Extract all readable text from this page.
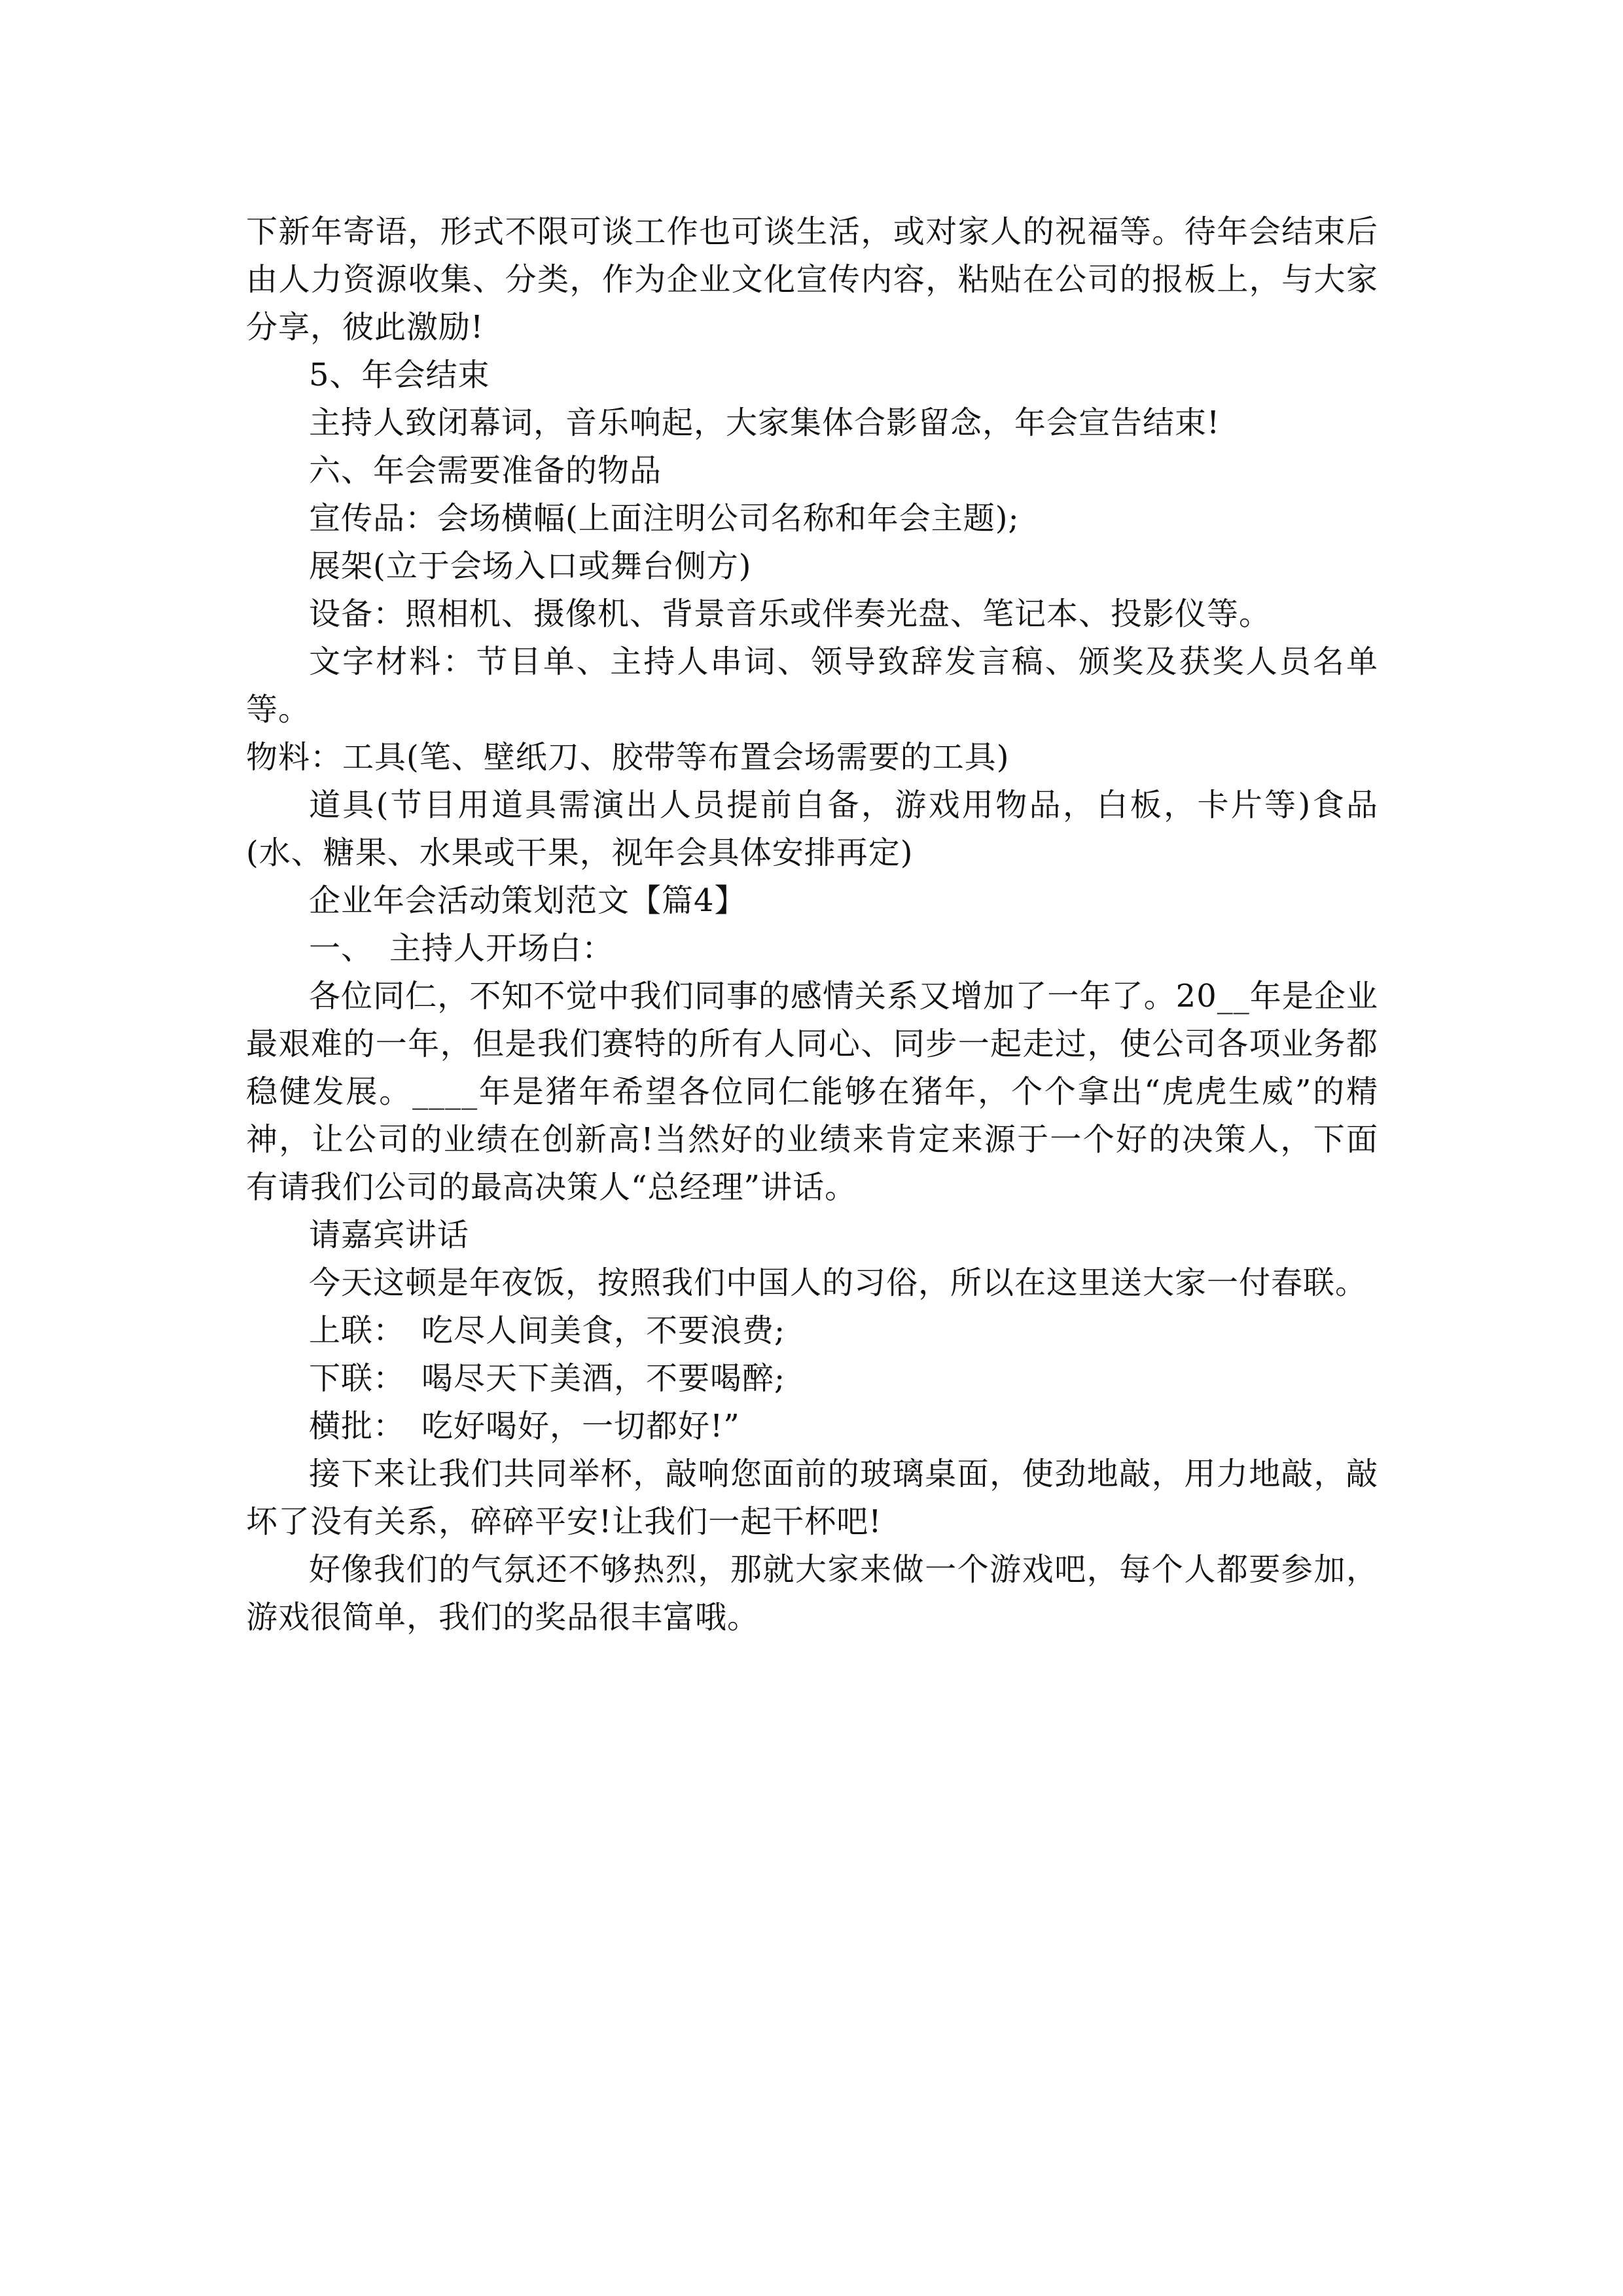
下新年寄语，形式不限可谈工作也可谈生活，或对家人的祝福等。待年会结束后由人力资源收集、分类，作为企业文化宣传内容，粘贴在公司的报板上，与大家分享，彼此激励!

5、年会结束

主持人致闭幕词，音乐响起，大家集体合影留念，年会宣告结束!

六、年会需要准备的物品

宣传品：会场横幅(上面注明公司名称和年会主题);

展架(立于会场入口或舞台侧方)

设备：照相机、摄像机、背景音乐或伴奏光盘、笔记本、投影仪等。

文字材料：节目单、主持人串词、领导致辞发言稿、颁奖及获奖人员名单等。

物料：工具(笔、壁纸刀、胶带等布置会场需要的工具)

道具(节目用道具需演出人员提前自备，游戏用物品，白板，卡片等)食品(水、糖果、水果或干果，视年会具体安排再定)

企业年会活动策划范文【篇4】

一、　主持人开场白：

各位同仁，不知不觉中我们同事的感情关系又增加了一年了。20__年是企业最艰难的一年，但是我们赛特的所有人同心、同步一起走过，使公司各项业务都稳健发展。____年是猪年希望各位同仁能够在猪年，个个拿出“虎虎生威”的精神，让公司的业绩在创新高!当然好的业绩来肯定来源于一个好的决策人，下面有请我们公司的最高决策人“总经理”讲话。

请嘉宾讲话

今天这顿是年夜饭，按照我们中国人的习俗，所以在这里送大家一付春联。

上联：　吃尽人间美食，不要浪费;

下联：　喝尽天下美酒，不要喝醉;

横批：　吃好喝好，一切都好!”

接下来让我们共同举杯，敲响您面前的玻璃桌面，使劲地敲，用力地敲，敲坏了没有关系，碎碎平安!让我们一起干杯吧!

好像我们的气氛还不够热烈，那就大家来做一个游戏吧，每个人都要参加，游戏很简单，我们的奖品很丰富哦。
